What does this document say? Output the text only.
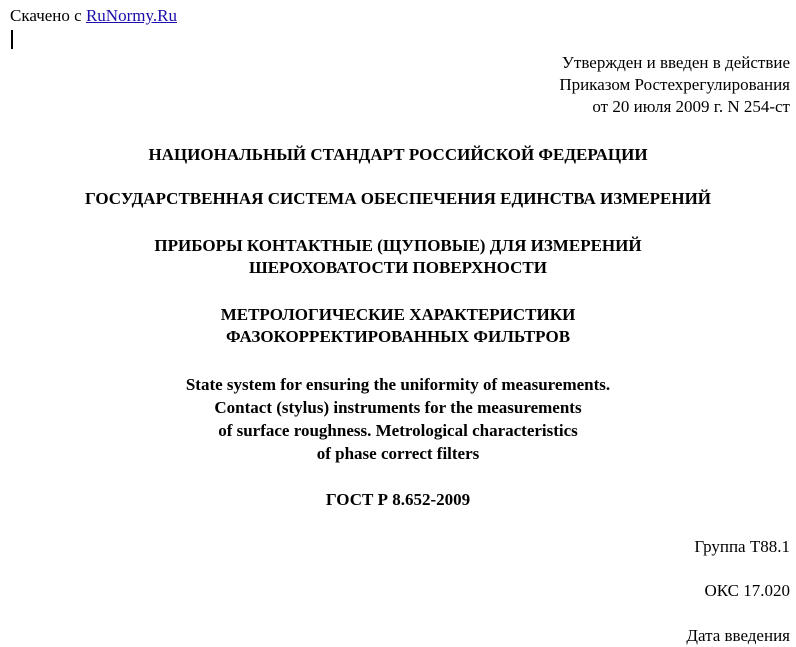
Скачено с RuNormy.Ru
Утвержден и введен в действие
Приказом Ростехрегулирования
от 20 июля 2009 г. N 254-ст
НАЦИОНАЛЬНЫЙ СТАНДАРТ РОССИЙСКОЙ ФЕДЕРАЦИИ
ГОСУДАРСТВЕННАЯ СИСТЕМА ОБЕСПЕЧЕНИЯ ЕДИНСТВА ИЗМЕРЕНИЙ
ПРИБОРЫ КОНТАКТНЫЕ (ЩУПОВЫЕ) ДЛЯ ИЗМЕРЕНИЙ
ШЕРОХОВАТОСТИ ПОВЕРХНОСТИ
МЕТРОЛОГИЧЕСКИЕ ХАРАКТЕРИСТИКИ
ФАЗОКОРРЕКТИРОВАННЫХ ФИЛЬТРОВ
State system for ensuring the uniformity of measurements.
Contact (stylus) instruments for the measurements
of surface roughness. Metrological characteristics
of phase correct filters
ГОСТ Р 8.652-2009
Группа Т88.1
ОКС 17.020
Дата введения
